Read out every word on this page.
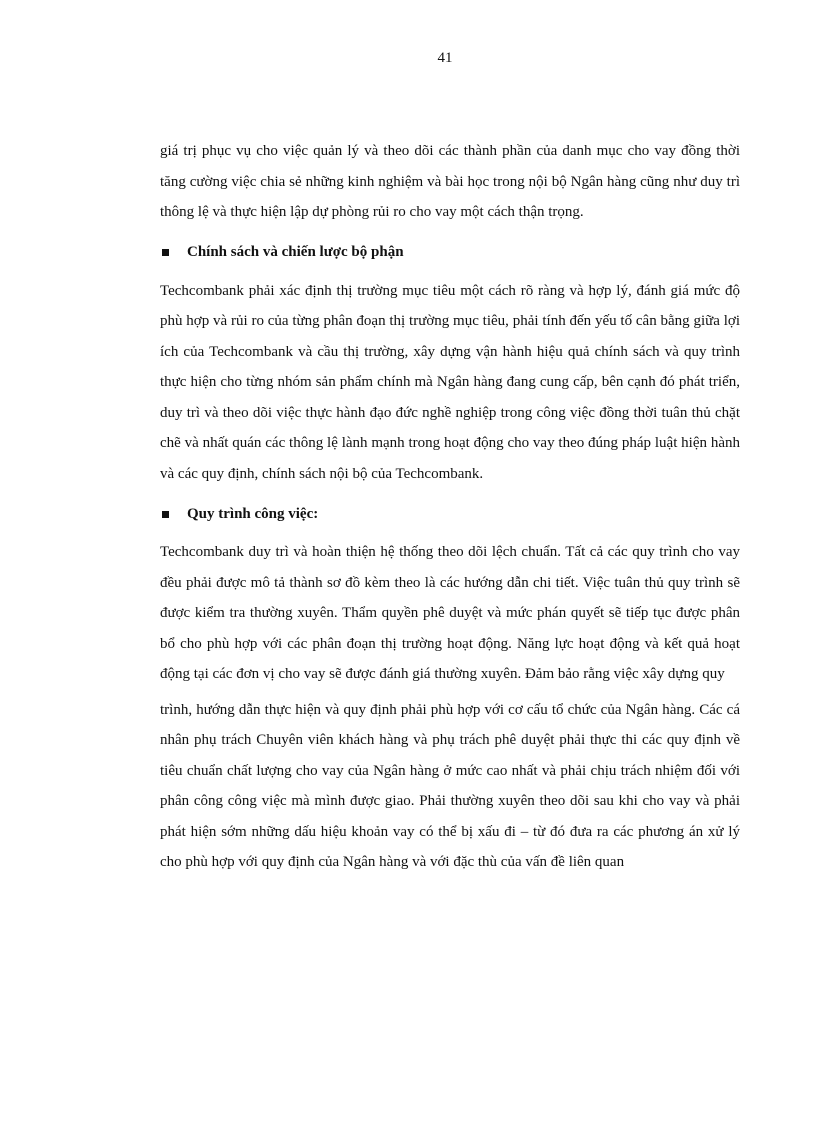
41

giá trị phục vụ cho việc quản lý và theo dõi các thành phần của danh mục cho vay đồng thời tăng cường việc chia sẻ những kinh nghiệm và bài học trong nội bộ Ngân hàng cũng như duy trì thông lệ và thực hiện lập dự phòng rủi ro cho vay một cách thận trọng.

Chính sách và chiến lược bộ phận

Techcombank phải xác định thị trường mục tiêu một cách rõ ràng và hợp lý, đánh giá mức độ phù hợp và rủi ro của từng phân đoạn thị trường mục tiêu, phải tính đến yếu tố cân bằng giữa lợi ích của Techcombank và cầu thị trường, xây dựng vận hành hiệu quả chính sách và quy trình thực hiện cho từng nhóm sản phẩm chính mà Ngân hàng đang cung cấp, bên cạnh đó phát triển, duy trì và theo dõi việc thực hành đạo đức nghề nghiệp trong công việc đồng thời tuân thủ chặt chẽ và nhất quán các thông lệ lành mạnh trong hoạt động cho vay theo đúng pháp luật hiện hành và các quy định, chính sách nội bộ của Techcombank.

Quy trình công việc:

Techcombank duy trì và hoàn thiện hệ thống theo dõi lệch chuẩn. Tất cả các quy trình cho vay đều phải được mô tả thành sơ đồ kèm theo là các hướng dẫn chi tiết. Việc tuân thủ quy trình sẽ được kiểm tra thường xuyên. Thẩm quyền phê duyệt và mức phán quyết sẽ tiếp tục được phân bổ cho phù hợp với các phân đoạn thị trường hoạt động. Năng lực hoạt động và kết quả hoạt động tại các đơn vị cho vay sẽ được đánh giá thường xuyên. Đảm bảo rằng việc xây dựng quy

trình, hướng dẫn thực hiện và quy định phải phù hợp với cơ cấu tổ chức của Ngân hàng. Các cá nhân phụ trách Chuyên viên khách hàng và phụ trách phê duyệt phải thực thi các quy định về tiêu chuẩn chất lượng cho vay của Ngân hàng ở mức cao nhất và phải chịu trách nhiệm đối với phân công công việc mà mình được giao. Phải thường xuyên theo dõi sau khi cho vay và phải phát hiện sớm những dấu hiệu khoản vay có thể bị xấu đi – từ đó đưa ra các phương án xử lý cho phù hợp với quy định của Ngân hàng và với đặc thù của vấn đề liên quan
